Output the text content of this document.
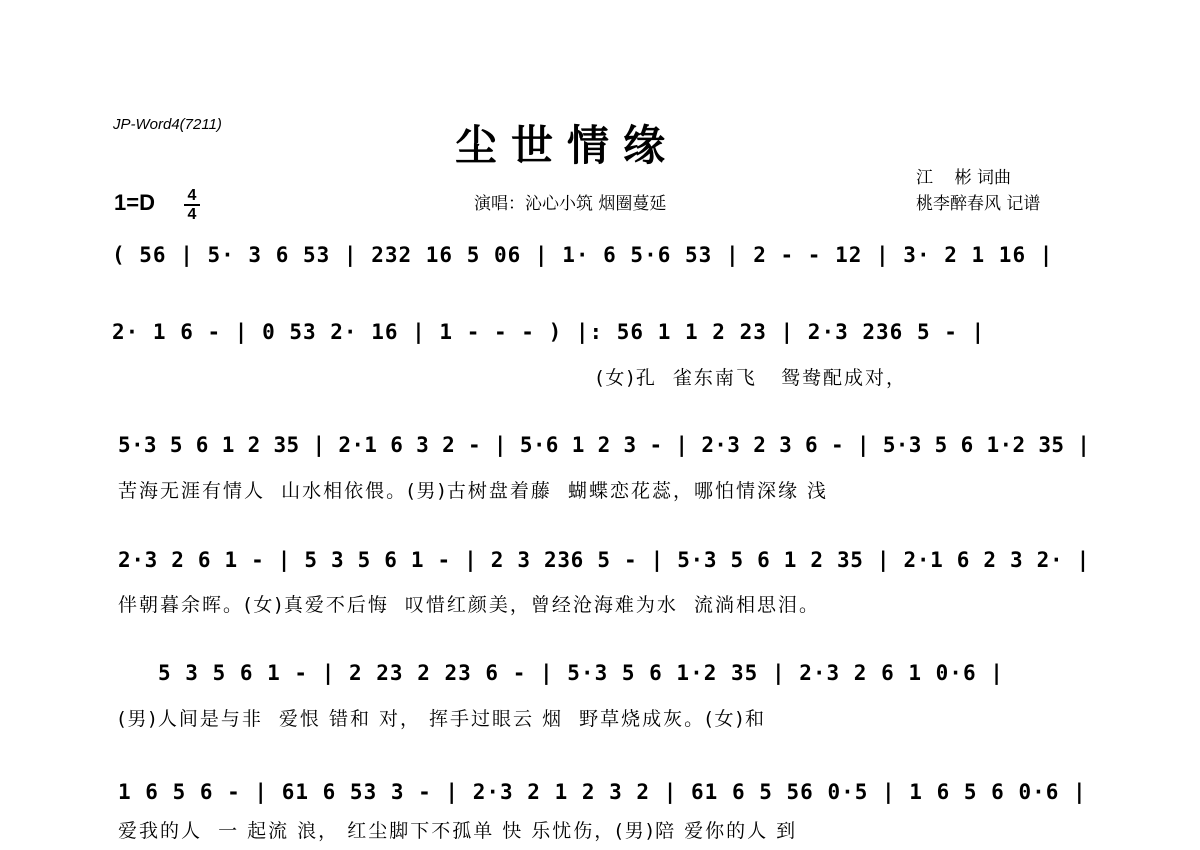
JP-Word4(7211)	尘世情缘
1=D 4
4
演唱：沁心小筑 烟圈蔓延
江    彬 词曲
桃李醉春风 记谱
( 56 | 5· 3 6 53 | 232 16 5 06 | 1· 6 5·6 53 | 2 - - 12 | 3· 2 1 16 |
2· 1 6 - | 0 53 2· 16 | 1 - - - ) |: 56 1 1 2 23 | 2·3 236 5 - |
(女)孔  雀东南飞   鸳鸯配成对，
5·3 5 6 1 2 35 | 2·1 6 3 2 - | 5·6 1 2 3 - | 2·3 2 3 6 - | 5·3 5 6 1·2 35 |
苦海无涯有情人  山水相依偎。(男)古树盘着藤  蝴蝶恋花蕊，哪怕情深缘 浅
2·3 2 6 1 - | 5 3 5 6 1 - | 2 3 236 5 - | 5·3 5 6 1 2 35 | 2·1 6 2 3 2· |
伴朝暮余晖。(女)真爱不后悔  叹惜红颜美，曾经沧海难为水  流淌相思泪。
5 3 5 6 1 - | 2 23 2 23 6 - | 5·3 5 6 1·2 35 | 2·3 2 6 1 0·6 |
(男)人间是与非  爱恨 错和 对， 挥手过眼云 烟  野草烧成灰。(女)和
1 6 5 6 - | 61 6 53 3 - | 2·3 2 1 2 3 2 | 61 6 5 56 0·5 | 1 6 5 6 0·6 |
爱我的人  一 起流 浪， 红尘脚下不孤单 快 乐忧伤，(男)陪 爱你的人 到
